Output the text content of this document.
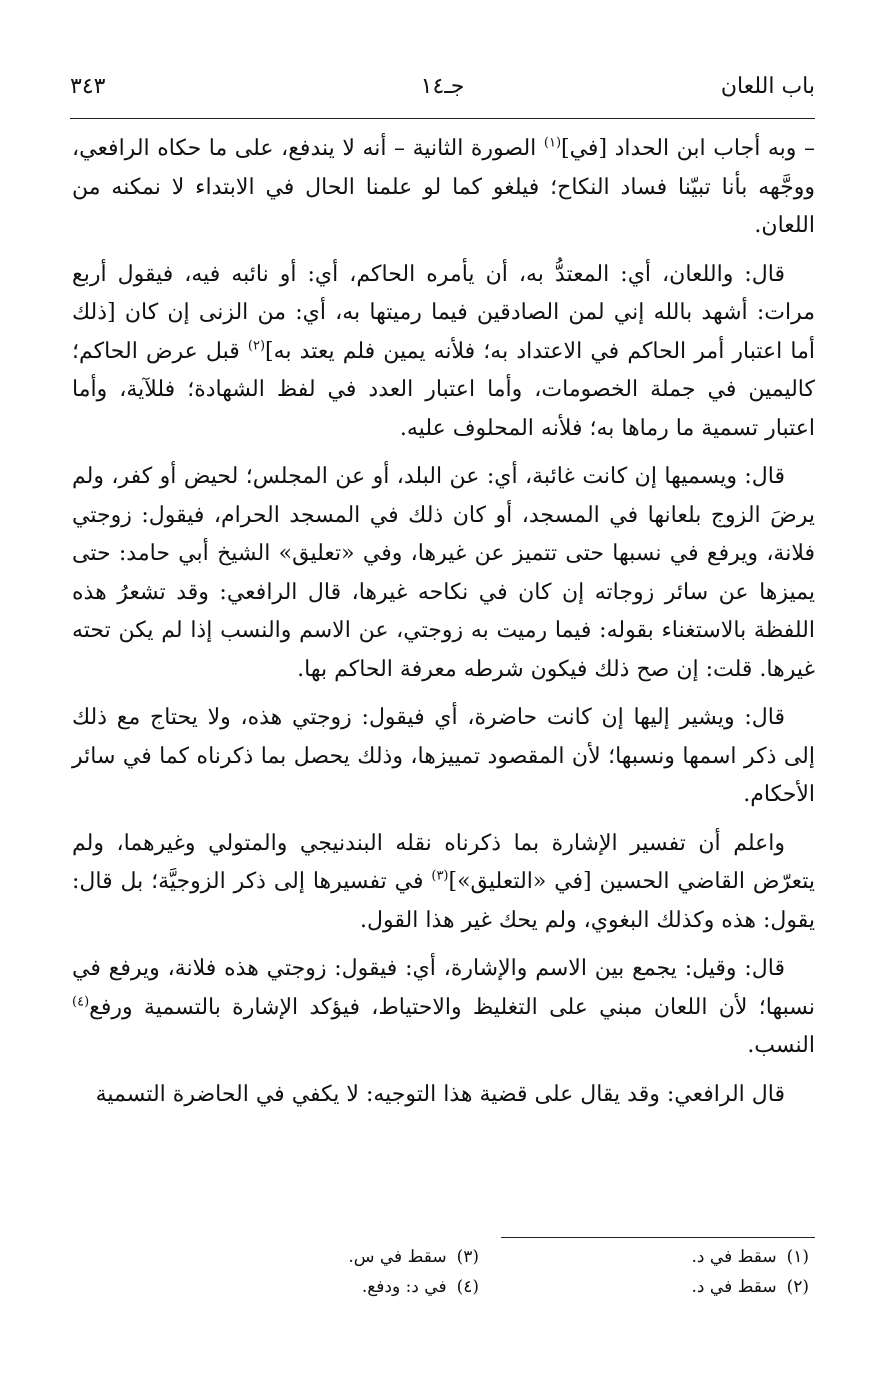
باب اللعان
جـ١٤
٣٤٣

– وبه أجاب ابن الحداد [في]$^{(١)}$ الصورة الثانية – أنه لا يندفع، على ما حكاه الرافعي، ووجَّهه بأنا تبيّنا فساد النكاح؛ فيلغو كما لو علمنا الحال في الابتداء لا نمكنه من اللعان.

قال: واللعان، أي: المعتدُّ به، أن يأمره الحاكم، أي: أو نائبه فيه، فيقول أربع مرات: أشهد بالله إني لمن الصادقين فيما رميتها به، أي: من الزنى إن كان [ذلك أما اعتبار أمر الحاكم في الاعتداد به؛ فلأنه يمين فلم يعتد به]$^{(٢)}$ قبل عرض الحاكم؛ كاليمين في جملة الخصومات، وأما اعتبار العدد في لفظ الشهادة؛ فللآية، وأما اعتبار تسمية ما رماها به؛ فلأنه المحلوف عليه.

قال: ويسميها إن كانت غائبة، أي: عن البلد، أو عن المجلس؛ لحيض أو كفر، ولم يرضَ الزوج بلعانها في المسجد، أو كان ذلك في المسجد الحرام، فيقول: زوجتي فلانة، ويرفع في نسبها حتى تتميز عن غيرها، وفي «تعليق» الشيخ أبي حامد: حتى يميزها عن سائر زوجاته إن كان في نكاحه غيرها، قال الرافعي: وقد تشعرُ هذه اللفظة بالاستغناء بقوله: فيما رميت به زوجتي، عن الاسم والنسب إذا لم يكن تحته غيرها. قلت: إن صح ذلك فيكون شرطه معرفة الحاكم بها.

قال: ويشير إليها إن كانت حاضرة، أي فيقول: زوجتي هذه، ولا يحتاج مع ذلك إلى ذكر اسمها ونسبها؛ لأن المقصود تمييزها، وذلك يحصل بما ذكرناه كما في سائر الأحكام.

واعلم أن تفسير الإشارة بما ذكرناه نقله البندنيجي والمتولي وغيرهما، ولم يتعرّض القاضي الحسين [في «التعليق»]$^{(٣)}$ في تفسيرها إلى ذكر الزوجيَّة؛ بل قال: يقول: هذه وكذلك البغوي، ولم يحك غير هذا القول.

قال: وقيل: يجمع بين الاسم والإشارة، أي: فيقول: زوجتي هذه فلانة، ويرفع في نسبها؛ لأن اللعان مبني على التغليظ والاحتياط، فيؤكد الإشارة بالتسمية ورفع$^{(٤)}$ النسب.

قال الرافعي: وقد يقال على قضية هذا التوجيه: لا يكفي في الحاضرة التسمية

(١)سقط في د.
(٢)سقط في د.
(٣)سقط في س.
(٤)في د: ودفع.
